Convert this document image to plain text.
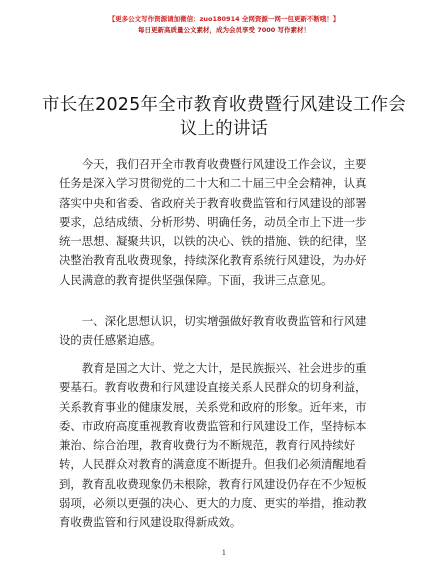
【更多公文写作资源请加微信：zuo180914 全网资源一网一包更新不断哦！】
每日更新高质量公文素材，成为会员享受 7000 写作素材！
市长在2025年全市教育收费暨行风建设工作会
议上的讲话
　　今天，我们召开全市教育收费暨行风建设工作会议，主要
任务是深入学习贯彻党的二十大和二十届三中全会精神，认真
落实中央和省委、省政府关于教育收费监管和行风建设的部署
要求，总结成绩、分析形势、明确任务，动员全市上下进一步
统一思想、凝聚共识，以铁的决心、铁的措施、铁的纪律，坚
决整治教育乱收费现象，持续深化教育系统行风建设，为办好
人民满意的教育提供坚强保障。下面，我讲三点意见。
　　一、深化思想认识，切实增强做好教育收费监管和行风建
设的责任感紧迫感。
　　教育是国之大计、党之大计，是民族振兴、社会进步的重
要基石。教育收费和行风建设直接关系人民群众的切身利益，
关系教育事业的健康发展，关系党和政府的形象。近年来，市
委、市政府高度重视教育收费监管和行风建设工作，坚持标本
兼治、综合治理，教育收费行为不断规范，教育行风持续好
转，人民群众对教育的满意度不断提升。但我们必须清醒地看
到，教育乱收费现象仍未根除，教育行风建设仍存在不少短板
弱项，必须以更强的决心、更大的力度、更实的举措，推动教
育收费监管和行风建设取得新成效。
1
